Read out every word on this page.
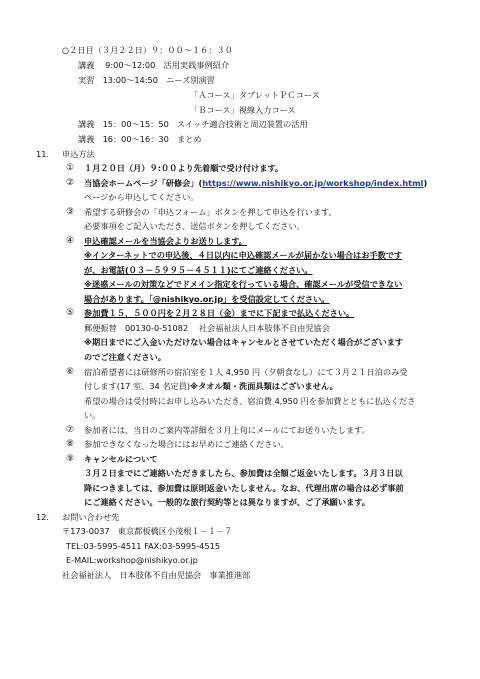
○２日目（３月２２日）９：００～１６：３０
講義　 9:00～12:00　活用実践事例紹介
実習　13:00～14:50　ニーズ別演習
「Ａコース」タブレットＰＣコース
「Ｂコース」視線入力コース
講義　15：00～15：50　スイッチ適合技術と周辺装置の活用
講義　16：00～16：30　まとめ
11. 申込方法
① １月２０日（月）９:００より先着順で受け付けます。
② 当協会ホームページ「研修会」(https://www.nishikyo.or.jp/workshop/index.html)
ページから申込してください。
③ 希望する研修会の「申込フォーム」ボタンを押して申込を行います。
必要事項をご記入いただき、送信ボタンを押してください。
④ 申込確認メールを当協会よりお送りします。
※インターネットでの申込後、４日以内に申込確認メールが届かない場合はお手数です
が、お電話(０３－５９９５－４５１１)にてご連絡ください。
※迷惑メールの対策などでドメイン指定を行っている場合、確認メールが受信できない
場合があります。「@nishikyo.or.jp」を受信設定してください。
⑤ 参加費１５，５００円を２月２８日（金）までに下記まで払込ください。
郵便振替　00130-0-51082　 社会福祉法人日本肢体不自由児協会
※期日までにご入金いただけない場合はキャンセルとさせていただく場合がございます
のでご注意ください。
⑥ 宿泊希望者には研修所の宿泊室を１人 4,950 円（夕朝食なし）にて３月２１日泊のみ受
付します(17 室、34 名定員)※タオル類・洗面具類はございません。
希望の場合は受付時にお申し込みいただき、宿泊費 4,950 円を参加費とともに払込くださ
い。
⑦ 参加者には、当日のご案内等詳細を３月上旬にメールにてお送りいたします。
⑧ 参加できなくなった場合にはお早めにご連絡ください。
⑨ キャンセルについて
３月２日までにご連絡いただきましたら、参加費は全額ご返金いたします。３月３日以
降につきましては、参加費は原則返金いたしません。なお、代理出席の場合は必ず事前
にご連絡ください。一般的な旅行契約等とは異なりますが、ご了承願います。
12. お問い合わせ先
〒173-0037　東京都板橋区小茂根１－１－７
TEL:03-5995-4511 FAX:03-5995-4515
E-MAIL:workshop@nishikyo.or.jp
社会福祉法人　日本肢体不自由児協会　事業推進部
